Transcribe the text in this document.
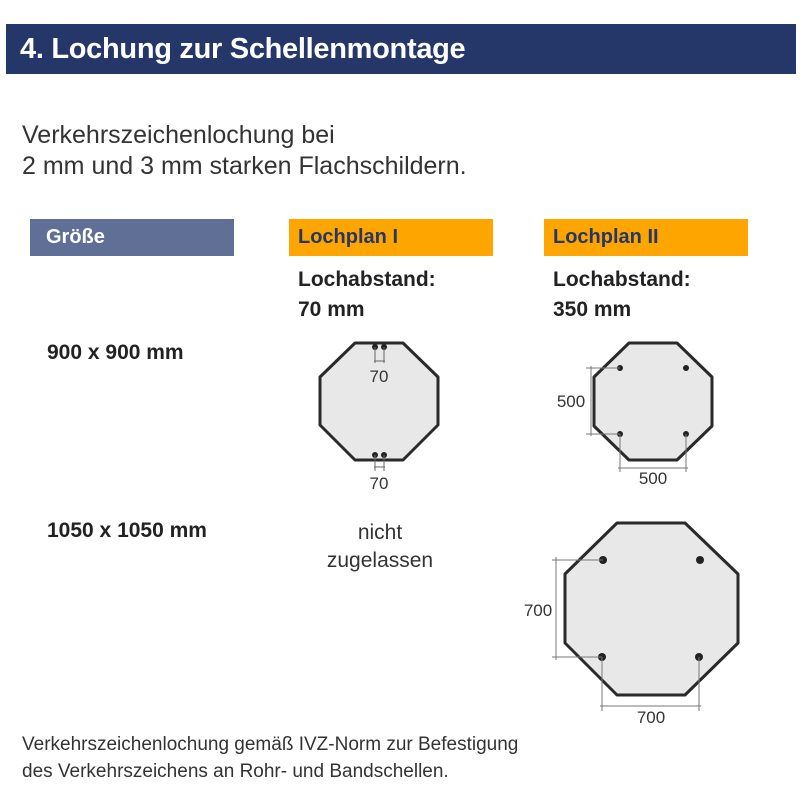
4. Lochung zur Schellenmontage
Verkehrszeichenlochung bei
2 mm und 3 mm starken Flachschildern.
Größe	Lochplan I	Lochplan II
Lochabstand:
70 mm
Lochabstand:
350 mm
900 x 900 mm
1050 x 1050 mm
70
70
500
500
nicht
zugelassen
700
700
Verkehrszeichenlochung gemäß IVZ-Norm zur Befestigung
des Verkehrszeichens an Rohr- und Bandschellen.
